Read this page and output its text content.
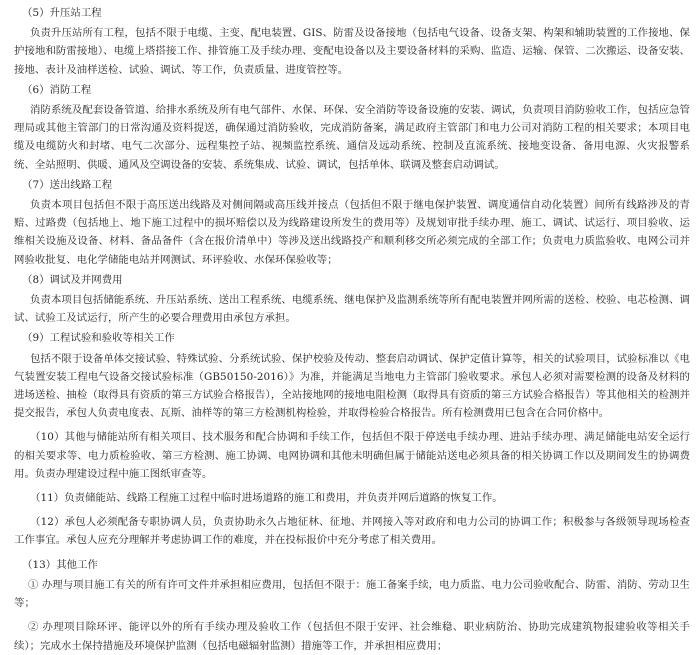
（5）升压站工程
负责升压站所有工程，包括不限于电缆、主变、配电装置、GIS、防雷及设备接地（包括电气设备、设备支架、构架和辅助装置的工作接地、保护接地和防雷接地）、电缆上塔搭接工作、排管施工及手续办理、变配电设备以及主要设备材料的采购、监造、运输、保管、二次搬运、设备安装、接地、表计及油样送检、试验、调试、等工作，负责质量、进度管控等。
（6）消防工程
消防系统及配套设备管道、给排水系统及所有电气部件、水保、环保、安全消防等设备设施的安装、调试，负责项目消防验收工作，包括应急管理局或其他主管部门的日常沟通及资料提送，确保通过消防验收，完成消防备案，满足政府主管部门和电力公司对消防工程的相关要求；本项目电缆及电缆防火和封堵、电气二次部分、远程集控子站、视频监控系统、通信及远动系统、控制及直流系统、接地变设备、备用电源、火灾报警系统、全站照明、供暖、通风及空调设备的安装、系统集成、试验、调试，包括单体、联调及整套启动调试。
（7）送出线路工程
负责本项目包括但不限于高压送出线路及对侧间隔或高压线并接点（包括但不限于继电保护装置、调度通信自动化装置）间所有线路涉及的青赔、过路费（包括地上、地下施工过程中的损坏赔偿以及为线路建设所发生的费用等）及规划审批手续办理、施工、调试、试运行、项目验收、运维相关设施及设备、材料、备品备件（含在报价清单中）等涉及送出线路投产和顺利移交所必须完成的全部工作；负责电力质监验收、电网公司并网验收批复、电化学储能电站并网测试、环评验收、水保环保验收等；
（8）调试及并网费用
负责本项目包括储能系统、升压站系统、送出工程系统、电缆系统、继电保护及监测系统等所有配电装置并网所需的送检、校验、电芯检测、调试、试验工及试运行，所产生的必要合理费用由承包方承担。
（9）工程试验和验收等相关工作
包括不限于设备单体交接试验、特殊试验、分系统试验、保护校验及传动、整套启动调试、保护定值计算等，相关的试验项目，试验标准以《电气装置安装工程电气设备交接试验标准（GB50150-2016）》为准，并能满足当地电力主管部门验收要求。承包人必须对需要检测的设备及材料的进场送检、抽检（取得具有资质的第三方试验合格报告），全站接地网的接地电阻检测（取得具有资质的第三方试验合格报告）等其他相关的检测并提交报告，承包人负责电度表、瓦斯、油样等的第三方检测机构检验，并取得检验合格报告。所有检测费用已包含在合同价格中。
（10）其他与储能站所有相关项目、技术服务和配合协调和手续工作，包括但不限于停送电手续办理、进站手续办理、满足储能电站安全运行的相关要求等、电力质检验收、第三方检测、施工协调、电网协调和其他未明确但属于储能站送电必须具备的相关协调工作以及期间发生的协调费用。负责办理建设过程中施工图纸审查等。
（11）负责储能站、线路工程施工过程中临时进场道路的施工和费用，并负责并网后道路的恢复工作。
（12）承包人必须配备专职协调人员，负责协助永久占地征林、征地、并网接入等对政府和电力公司的协调工作；积极参与各级领导现场检查工作事宜。承包人应充分理解并考虑协调工作的难度，并在投标报价中充分考虑了相关费用。
（13）其他工作
① 办理与项目施工有关的所有许可文件并承担相应费用，包括但不限于：施工备案手续，电力质监、电力公司验收配合、防雷、消防、劳动卫生等；
② 办理项目除环评、能评以外的所有手续办理及验收工作（包括但不限于安评、社会维稳、职业病防治、协助完成建筑物报建验收等相关手续）；完成水土保持措施及环境保护监测（包括电磁辐射监测）措施等工作，并承担相应费用；
